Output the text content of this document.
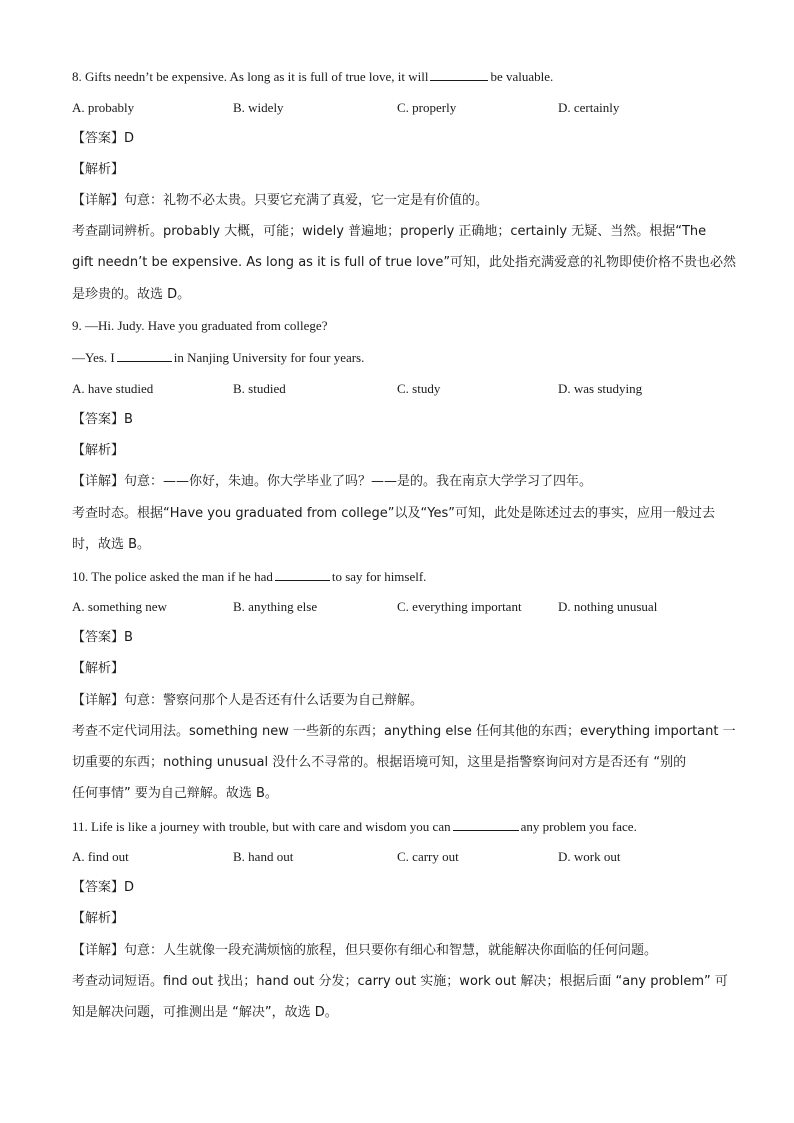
8. Gifts needn’t be expensive. As long as it is full of true love, it will	be valuable.
A. probably	B. widely	C. properly	D. certainly
【答案】D
【解析】
【详解】句意：礼物不必太贵。只要它充满了真爱，它一定是有价值的。
考查副词辨析。probably 大概，可能；widely 普遍地；properly 正确地；certainly 无疑、当然。根据“The
gift needn’t be expensive. As long as it is full of true love”可知，此处指充满爱意的礼物即使价格不贵也必然
是珍贵的。故选 D。
9. —Hi. Judy. Have you graduated from college?
—Yes. I	in Nanjing University for four years.
A. have studied	B. studied	C. study	D. was studying
【答案】B
【解析】
【详解】句意：——你好，朱迪。你大学毕业了吗？——是的。我在南京大学学习了四年。
考查时态。根据“Have you graduated from college”以及“Yes”可知，此处是陈述过去的事实，应用一般过去
时，故选 B。
10. The police asked the man if he had	to say for himself.
A. something new	B. anything else	C. everything important	D. nothing unusual
【答案】B
【解析】
【详解】句意：警察问那个人是否还有什么话要为自己辩解。
考查不定代词用法。something new 一些新的东西；anything else 任何其他的东西；everything important 一
切重要的东西；nothing unusual 没什么不寻常的。根据语境可知，这里是指警察询问对方是否还有 “别的
任何事情” 要为自己辩解。故选 B。
11. Life is like a journey with trouble, but with care and wisdom you can	any problem you face.
A. find out	B. hand out	C. carry out	D. work out
【答案】D
【解析】
【详解】句意：人生就像一段充满烦恼的旅程，但只要你有细心和智慧，就能解决你面临的任何问题。
考查动词短语。find out 找出；hand out 分发；carry out 实施；work out 解决；根据后面 “any problem” 可
知是解决问题，可推测出是 “解决”，故选 D。
